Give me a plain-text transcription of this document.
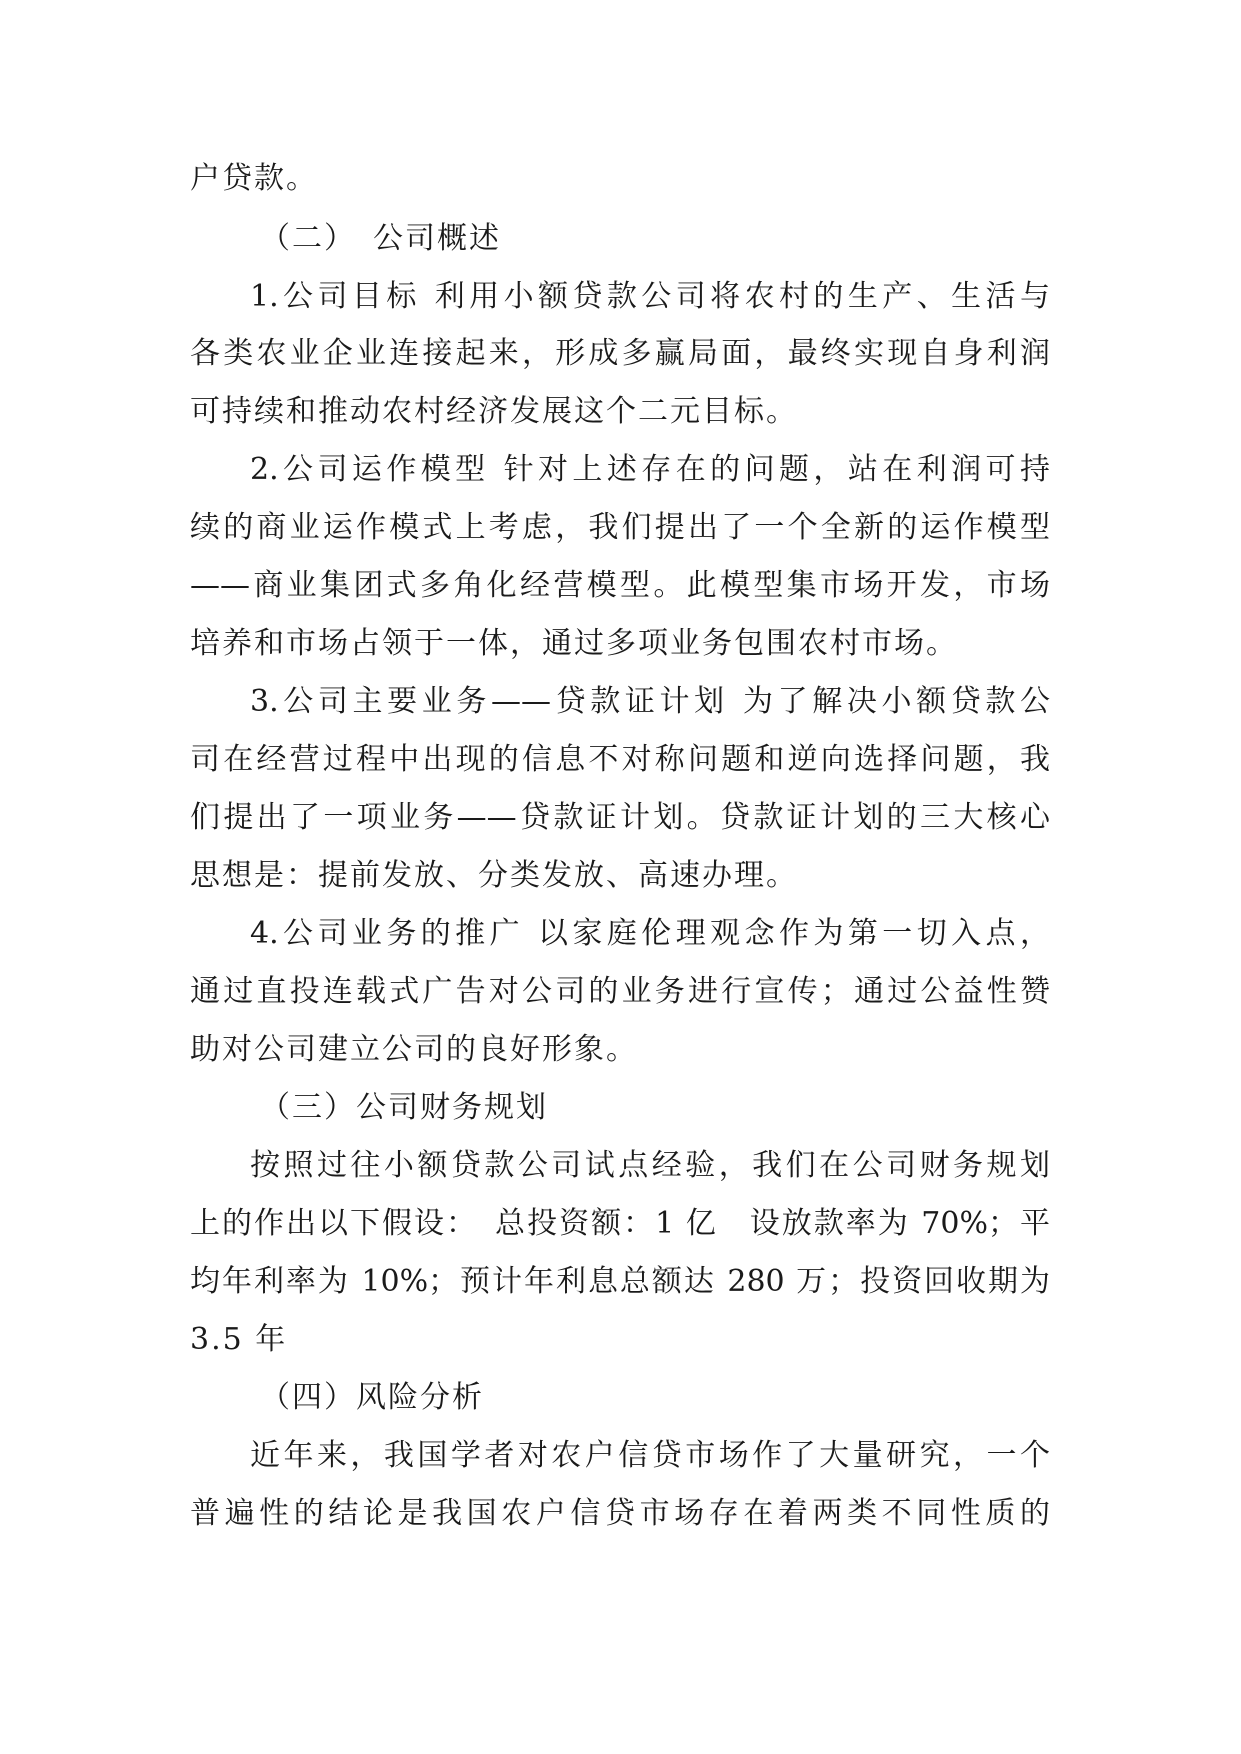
户贷款。
（二）　公司概述
1.公司目标 利用小额贷款公司将农村的生产、生活与
各类农业企业连接起来，形成多赢局面，最终实现自身利润
可持续和推动农村经济发展这个二元目标。
2.公司运作模型 针对上述存在的问题，站在利润可持
续的商业运作模式上考虑，我们提出了一个全新的运作模型
——商业集团式多角化经营模型。此模型集市场开发，市场
培养和市场占领于一体，通过多项业务包围农村市场。
3.公司主要业务——贷款证计划 为了解决小额贷款公
司在经营过程中出现的信息不对称问题和逆向选择问题，我
们提出了一项业务——贷款证计划。贷款证计划的三大核心
思想是：提前发放、分类发放、高速办理。
4.公司业务的推广 以家庭伦理观念作为第一切入点，
通过直投连载式广告对公司的业务进行宣传；通过公益性赞
助对公司建立公司的良好形象。
（三）公司财务规划
按照过往小额贷款公司试点经验，我们在公司财务规划
上的作出以下假设：　总投资额：1 亿　设放款率为 70%；平
均年利率为 10%；预计年利息总额达 280 万；投资回收期为
3.5 年
（四）风险分析
近年来，我国学者对农户信贷市场作了大量研究，一个
普遍性的结论是我国农户信贷市场存在着两类不同性质的
